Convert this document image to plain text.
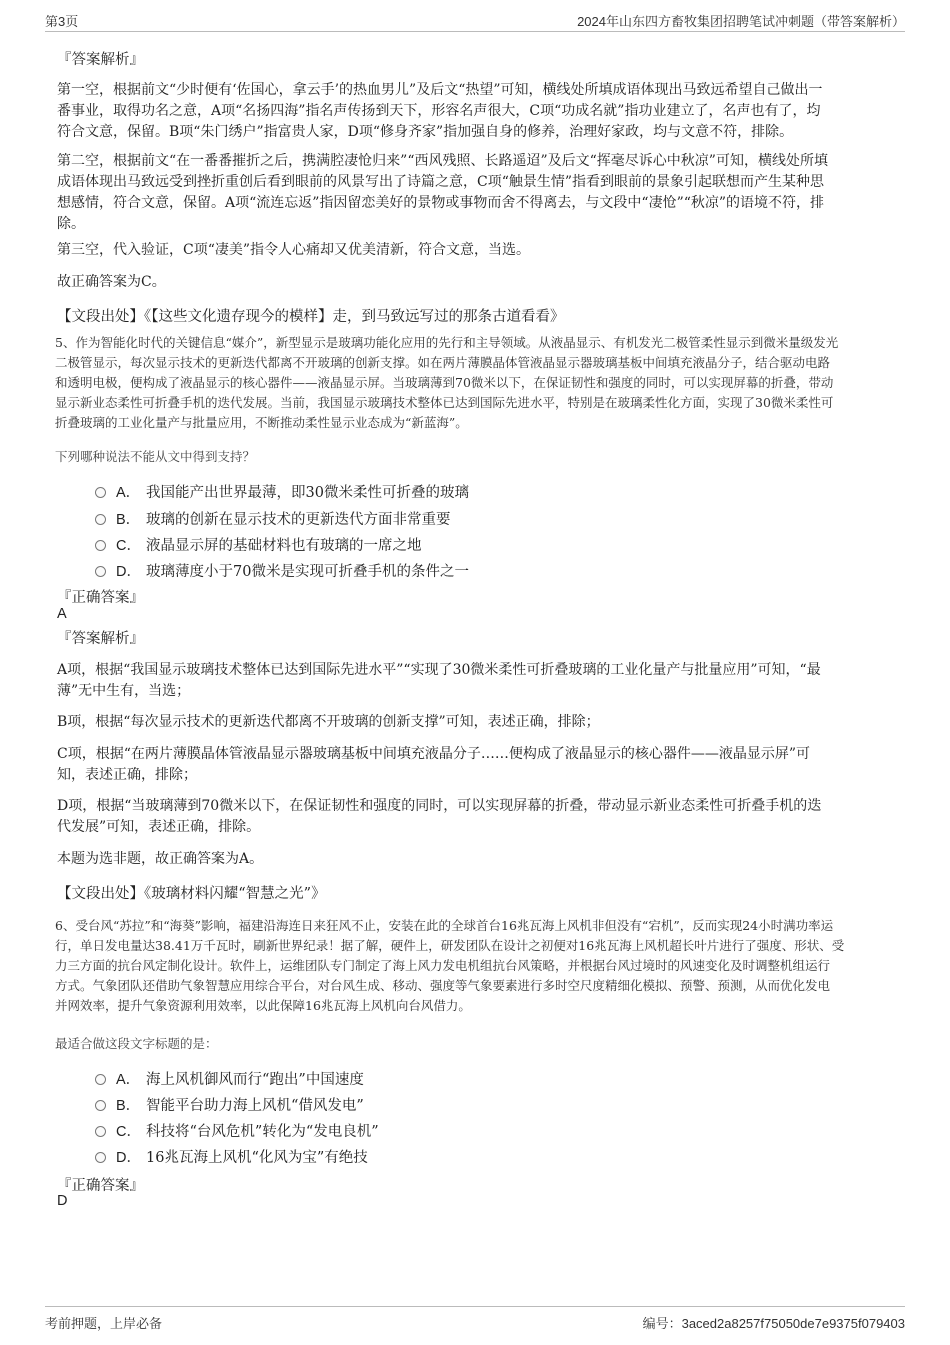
第3页	2024年山东四方畜牧集团招聘笔试冲刺题（带答案解析）
『答案解析』
第一空，根据前文“少时便有‘佐国心，拿云手’的热血男儿”及后文“热望”可知，横线处所填成语体现出马致远希望自己做出一
番事业，取得功名之意，A项“名扬四海”指名声传扬到天下，形容名声很大，C项“功成名就”指功业建立了，名声也有了，均
符合文意，保留。B项“朱门绣户”指富贵人家，D项“修身齐家”指加强自身的修养，治理好家政，均与文意不符，排除。
第二空，根据前文“在一番番摧折之后，携满腔凄怆归来”“西风残照、长路遥迢”及后文“挥毫尽诉心中秋凉”可知，横线处所填
成语体现出马致远受到挫折重创后看到眼前的风景写出了诗篇之意，C项“触景生情”指看到眼前的景象引起联想而产生某种思
想感情，符合文意，保留。A项“流连忘返”指因留恋美好的景物或事物而舍不得离去，与文段中“凄怆”“秋凉”的语境不符，排
除。
第三空，代入验证，C项“凄美”指令人心痛却又优美清新，符合文意，当选。
故正确答案为C。
【文段出处】《【这些文化遗存现今的模样】走，到马致远写过的那条古道看看》
5、作为智能化时代的关键信息“媒介”，新型显示是玻璃功能化应用的先行和主导领域。从液晶显示、有机发光二极管柔性显示到微米量级发光
二极管显示，每次显示技术的更新迭代都离不开玻璃的创新支撑。如在两片薄膜晶体管液晶显示器玻璃基板中间填充液晶分子，结合驱动电路
和透明电极，便构成了液晶显示的核心器件——液晶显示屏。当玻璃薄到70微米以下，在保证韧性和强度的同时，可以实现屏幕的折叠，带动
显示新业态柔性可折叠手机的迭代发展。当前，我国显示玻璃技术整体已达到国际先进水平，特别是在玻璃柔性化方面，实现了30微米柔性可
折叠玻璃的工业化量产与批量应用，不断推动柔性显示业态成为“新蓝海”。
下列哪种说法不能从文中得到支持？
A． 我国能产出世界最薄，即30微米柔性可折叠的玻璃
B． 玻璃的创新在显示技术的更新迭代方面非常重要
C． 液晶显示屏的基础材料也有玻璃的一席之地
D． 玻璃薄度小于70微米是实现可折叠手机的条件之一
『正确答案』
A
『答案解析』
A项，根据“我国显示玻璃技术整体已达到国际先进水平”“实现了30微米柔性可折叠玻璃的工业化量产与批量应用”可知，“最
薄”无中生有，当选；
B项，根据“每次显示技术的更新迭代都离不开玻璃的创新支撑”可知，表述正确，排除；
C项，根据“在两片薄膜晶体管液晶显示器玻璃基板中间填充液晶分子……便构成了液晶显示的核心器件——液晶显示屏”可
知，表述正确，排除；
D项，根据“当玻璃薄到70微米以下，在保证韧性和强度的同时，可以实现屏幕的折叠，带动显示新业态柔性可折叠手机的迭
代发展”可知，表述正确，排除。
本题为选非题，故正确答案为A。
【文段出处】《玻璃材料闪耀“智慧之光”》
6、受台风“苏拉”和“海葵”影响，福建沿海连日来狂风不止，安装在此的全球首台16兆瓦海上风机非但没有“宕机”，反而实现24小时满功率运
行，单日发电量达38.41万千瓦时，刷新世界纪录！据了解，硬件上，研发团队在设计之初便对16兆瓦海上风机超长叶片进行了强度、形状、受
力三方面的抗台风定制化设计。软件上，运维团队专门制定了海上风力发电机组抗台风策略，并根据台风过境时的风速变化及时调整机组运行
方式。气象团队还借助气象智慧应用综合平台，对台风生成、移动、强度等气象要素进行多时空尺度精细化模拟、预警、预测，从而优化发电
并网效率，提升气象资源利用效率，以此保障16兆瓦海上风机向台风借力。
最适合做这段文字标题的是：
A． 海上风机御风而行“跑出”中国速度
B． 智能平台助力海上风机“借风发电”
C． 科技将“台风危机”转化为“发电良机”
D． 16兆瓦海上风机“化风为宝”有绝技
『正确答案』
D
考前押题，上岸必备	编号：3aced2a8257f75050de7e9375f079403
